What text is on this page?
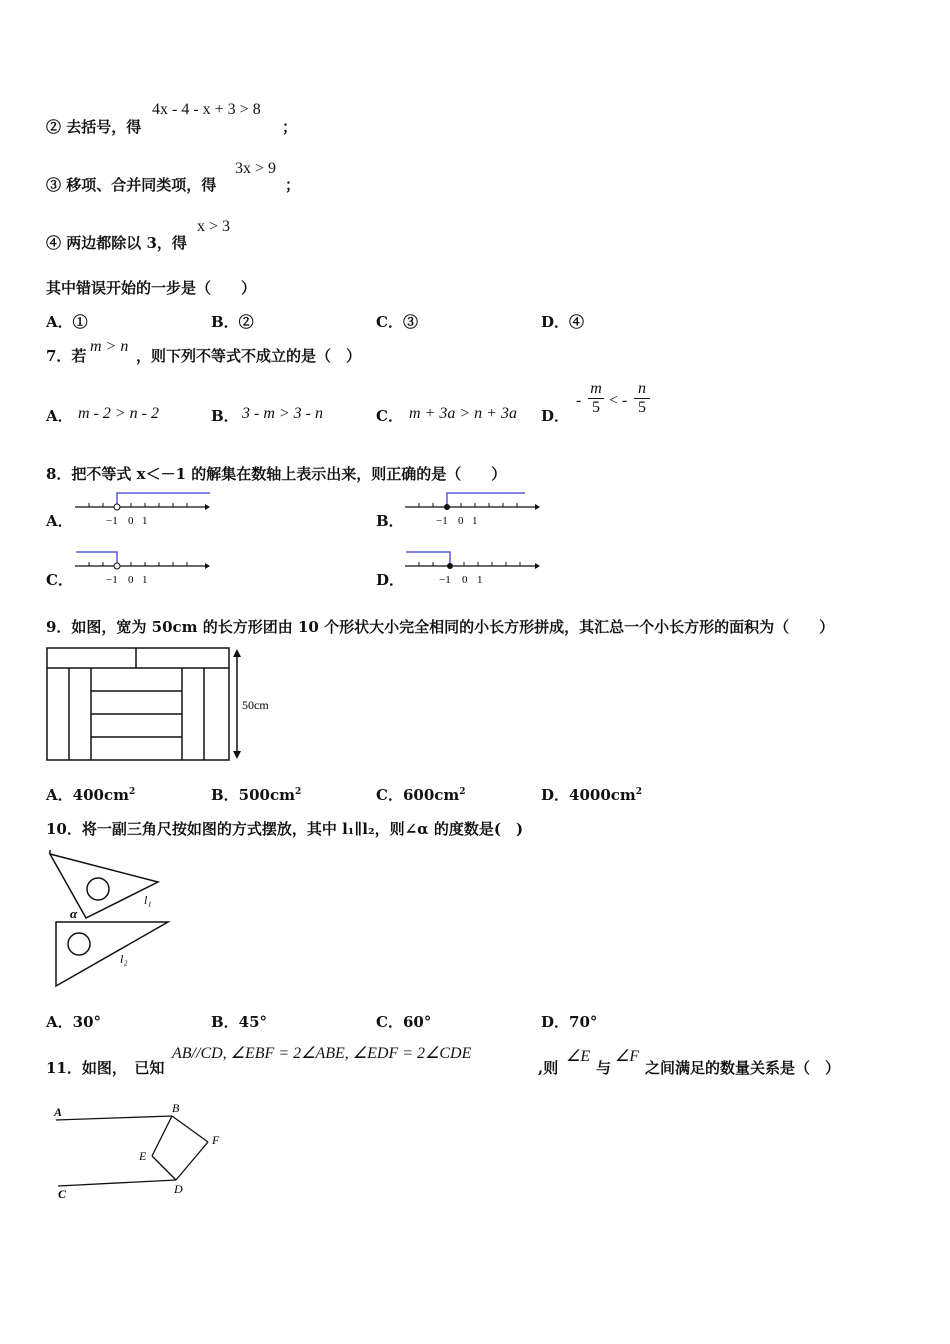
② 去括号，得
4x - 4 - x + 3 > 8
；
③ 移项、合并同类项，得
3x > 9
；
④ 两边都除以 3，得
x > 3
其中错误开始的一步是（　　）
A．①	B．②	C．③	D．④
7．若
m > n
，则下列不等式不成立的是（　）
A． m - 2 > n - 2	B． 3 - m > 3 - n	C． m + 3a > n + 3a D．
- $\frac{m}{5}$ < - $\frac{n}{5}$
8．把不等式 x＜－1 的解集在数轴上表示出来，则正确的是（　　）
A．	−1 0 1	B．	−1 0 1
C．	−1 0 1	D．	−1 0 1
9．如图，宽为 50cm 的长方形团由 10 个形状大小完全相同的小长方形拼成，其汇总一个小长方形的面积为（　　）
50cm
A．$400cm^2$	B．$500cm^2$	C．$600cm^2$	D．$4000cm^2$
10．将一副三角尺按如图的方式摆放，其中 l₁∥l₂，则∠α 的度数是(　)
α
l₁
l₂
A．30°	B．45°	C．60°	D．70°
11．如图，　已知
AB//CD, ∠EBF = 2∠ABE, ∠EDF = 2∠CDE
,则
∠E
与
∠F
之间满足的数量关系是（　）
A	B
C	D
E
F
